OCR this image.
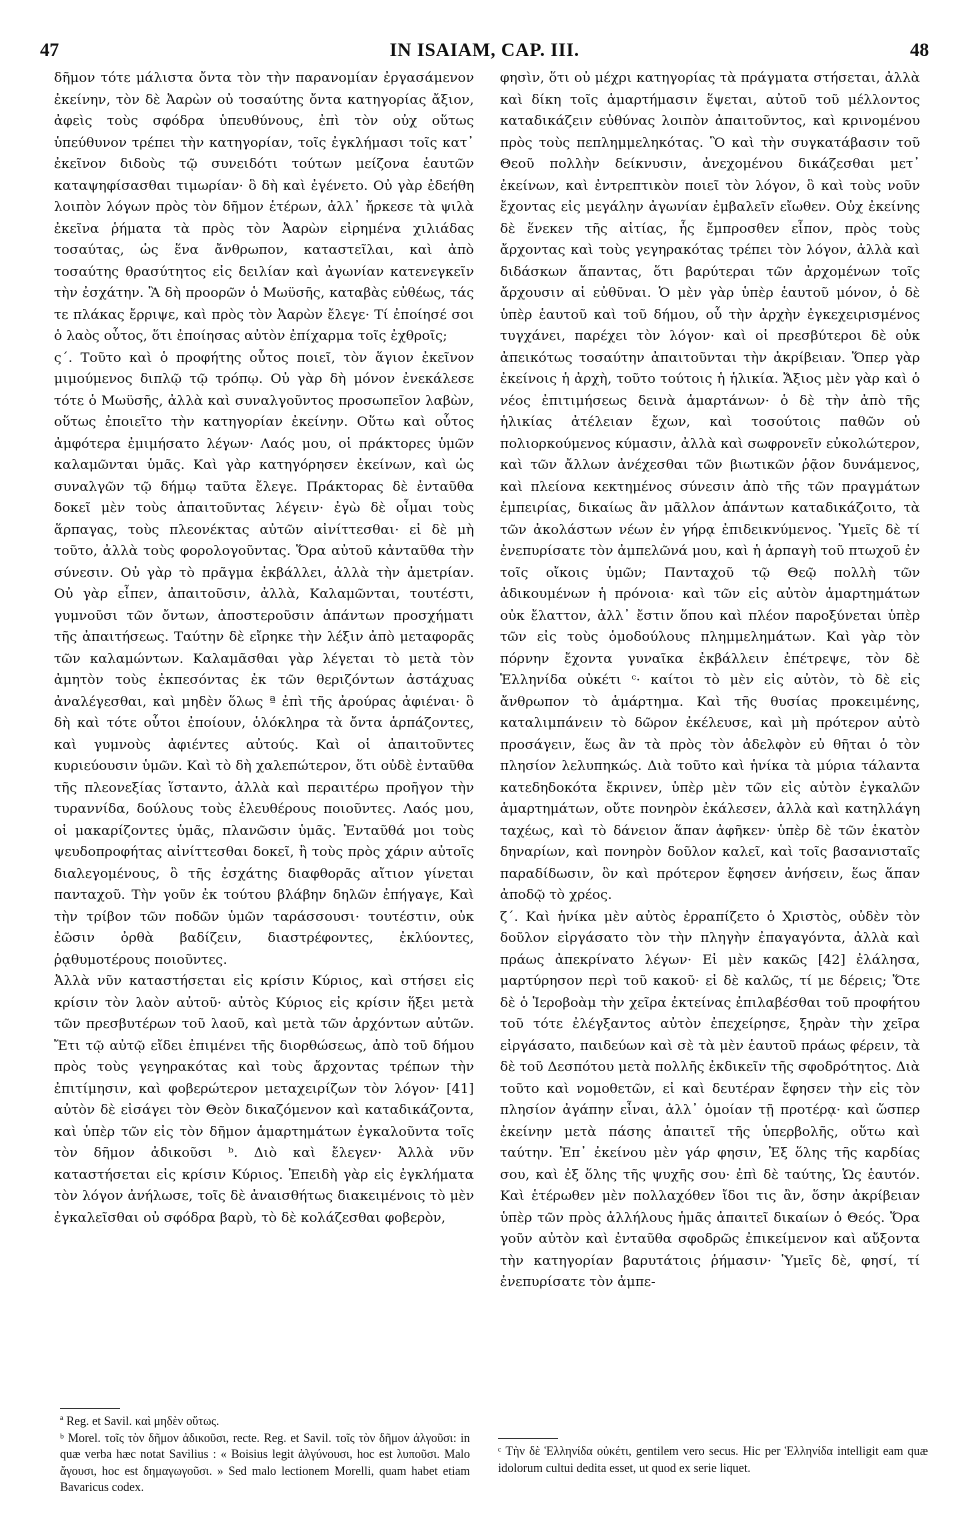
47	IN ISAIAM, CAP. III.	48

δῆμον τότε μάλιστα ὄντα τὸν τὴν παρανομίαν ἐργασάμενον ἐκείνην, τὸν δὲ Ἀαρὼν οὐ τοσαύτης ὄντα κατηγορίας ἄξιον, ἀφεὶς τοὺς σφόδρα ὑπευθύνους, ἐπὶ τὸν οὐχ οὕτως ὑπεύθυνον τρέπει τὴν κατηγορίαν, τοῖς ἐγκλήμασι τοῖς κατ᾽ ἐκεῖνον διδοὺς τῷ συνειδότι τούτων μείζονα ἑαυτῶν καταψηφίσασθαι τιμωρίαν· ὃ δὴ καὶ ἐγένετο. Οὐ γὰρ ἐδεήθη λοιπὸν λόγων πρὸς τὸν δῆμον ἑτέρων, ἀλλ᾽ ἤρκεσε τὰ ψιλὰ ἐκεῖνα ῥήματα τὰ πρὸς τὸν Ἀαρὼν εἰρημένα χιλιάδας τοσαύτας, ὡς ἕνα ἄνθρωπον, καταστεῖλαι, καὶ ἀπὸ τοσαύτης θρασύτητος εἰς δειλίαν καὶ ἀγωνίαν κατενεγκεῖν τὴν ἐσχάτην. Ἃ δὴ προορῶν ὁ Μωϋσῆς, καταβὰς εὐθέως, τάς τε πλάκας ἔρριψε, καὶ πρὸς τὸν Ἀαρὼν ἔλεγε· Τί ἐποίησέ σοι ὁ λαὸς οὗτος, ὅτι ἐποίησας αὐτὸν ἐπίχαρμα τοῖς ἐχθροῖς;

ς΄. Τοῦτο καὶ ὁ προφήτης οὗτος ποιεῖ, τὸν ἅγιον ἐκεῖνον μιμούμενος διπλῷ τῷ τρόπῳ. Οὐ γὰρ δὴ μόνον ἐνεκάλεσε τότε ὁ Μωϋσῆς, ἀλλὰ καὶ συναλγοῦντος προσωπεῖον λαβὼν, οὕτως ἐποιεῖτο τὴν κατηγορίαν ἐκείνην. Οὕτω καὶ οὗτος ἀμφότερα ἐμιμήσατο λέγων· Λαός μου, οἱ πράκτορες ὑμῶν καλαμῶνται ὑμᾶς. Καὶ γὰρ κατηγόρησεν ἐκείνων, καὶ ὡς συναλγῶν τῷ δήμῳ ταῦτα ἔλεγε. Πράκτορας δὲ ἐνταῦθα δοκεῖ μὲν τοὺς ἀπαιτοῦντας λέγειν· ἐγὼ δὲ οἶμαι τοὺς ἅρπαγας, τοὺς πλεονέκτας αὐτῶν αἰνίττεσθαι· εἰ δὲ μὴ τοῦτο, ἀλλὰ τοὺς φορολογοῦντας. Ὅρα αὐτοῦ κἀνταῦθα τὴν σύνεσιν. Οὐ γὰρ τὸ πρᾶγμα ἐκβάλλει, ἀλλὰ τὴν ἀμετρίαν. Οὐ γὰρ εἶπεν, ἀπαιτοῦσιν, ἀλλὰ, Καλαμῶνται, τουτέστι, γυμνοῦσι τῶν ὄντων, ἀποστεροῦσιν ἁπάντων προσχήματι τῆς ἀπαιτήσεως. Ταύτην δὲ εἴρηκε τὴν λέξιν ἀπὸ μεταφορᾶς τῶν καλαμώντων. Καλαμᾶσθαι γὰρ λέγεται τὸ μετὰ τὸν ἀμητὸν τοὺς ἐκπεσόντας ἐκ τῶν θεριζόντων ἀστάχυας ἀναλέγεσθαι, καὶ μηδὲν ὅλως ª ἐπὶ τῆς ἀρούρας ἀφιέναι· ὃ δὴ καὶ τότε οὗτοι ἐποίουν, ὁλόκληρα τὰ ὄντα ἁρπάζοντες, καὶ γυμνοὺς ἀφιέντες αὐτούς. Καὶ οἱ ἀπαιτοῦντες κυριεύουσιν ὑμῶν. Καὶ τὸ δὴ χαλεπώτερον, ὅτι οὐδὲ ἐνταῦθα τῆς πλεονεξίας ἵσταντο, ἀλλὰ καὶ περαιτέρω προῆγον τὴν τυραννίδα, δούλους τοὺς ἐλευθέρους ποιοῦντες. Λαός μου, οἱ μακαρίζοντες ὑμᾶς, πλανῶσιν ὑμᾶς. Ἐνταῦθά μοι τοὺς ψευδοπροφήτας αἰνίττεσθαι δοκεῖ, ἢ τοὺς πρὸς χάριν αὐτοῖς διαλεγομένους, ὃ τῆς ἐσχάτης διαφθορᾶς αἴτιον γίνεται πανταχοῦ. Τὴν γοῦν ἐκ τούτου βλάβην δηλῶν ἐπήγαγε, Καὶ τὴν τρίβον τῶν ποδῶν ὑμῶν ταράσσουσι· τουτέστιν, οὐκ ἐῶσιν ὀρθὰ βαδίζειν, διαστρέφοντες, ἐκλύοντες, ῥᾳθυμοτέρους ποιοῦντες.

Ἀλλὰ νῦν καταστήσεται εἰς κρίσιν Κύριος, καὶ στήσει εἰς κρίσιν τὸν λαὸν αὐτοῦ· αὐτὸς Κύριος εἰς κρίσιν ἥξει μετὰ τῶν πρεσβυτέρων τοῦ λαοῦ, καὶ μετὰ τῶν ἀρχόντων αὐτῶν. Ἔτι τῷ αὐτῷ εἴδει ἐπιμένει τῆς διορθώσεως, ἀπὸ τοῦ δήμου πρὸς τοὺς γεγηρακότας καὶ τοὺς ἄρχοντας τρέπων τὴν ἐπιτίμησιν, καὶ φοβερώτερον μεταχειρίζων τὸν λόγον· [41] αὐτὸν δὲ εἰσάγει τὸν Θεὸν δικαζόμενον καὶ καταδικάζοντα, καὶ ὑπὲρ τῶν εἰς τὸν δῆμον ἁμαρτημάτων ἐγκαλοῦντα τοῖς τὸν δῆμον ἀδικοῦσι ᵇ. Διὸ καὶ ἔλεγεν· Ἀλλὰ νῦν καταστήσεται εἰς κρίσιν Κύριος. Ἐπειδὴ γὰρ εἰς ἐγκλήματα τὸν λόγον ἀνήλωσε, τοῖς δὲ ἀναισθήτως διακειμένοις τὸ μὲν ἐγκαλεῖσθαι οὐ σφόδρα βαρὺ, τὸ δὲ κολάζεσθαι φοβερὸν,

φησὶν, ὅτι οὐ μέχρι κατηγορίας τὰ πράγματα στήσεται, ἀλλὰ καὶ δίκη τοῖς ἁμαρτήμασιν ἕψεται, αὐτοῦ τοῦ μέλλοντος καταδικάζειν εὐθύνας λοιπὸν ἀπαιτοῦντος, καὶ κρινομένου πρὸς τοὺς πεπλημμεληκότας. Ὃ καὶ τὴν συγκατάβασιν τοῦ Θεοῦ πολλὴν δείκνυσιν, ἀνεχομένου δικάζεσθαι μετ᾽ ἐκείνων, καὶ ἐντρεπτικὸν ποιεῖ τὸν λόγον, ὃ καὶ τοὺς νοῦν ἔχοντας εἰς μεγάλην ἀγωνίαν ἐμβαλεῖν εἴωθεν. Οὐχ ἐκείνης δὲ ἕνεκεν τῆς αἰτίας, ἧς ἔμπροσθεν εἶπον, πρὸς τοὺς ἄρχοντας καὶ τοὺς γεγηρακότας τρέπει τὸν λόγον, ἀλλὰ καὶ διδάσκων ἅπαντας, ὅτι βαρύτεραι τῶν ἀρχομένων τοῖς ἄρχουσιν αἱ εὐθῦναι. Ὁ μὲν γὰρ ὑπὲρ ἑαυτοῦ μόνον, ὁ δὲ ὑπὲρ ἑαυτοῦ καὶ τοῦ δήμου, οὗ τὴν ἀρχὴν ἐγκεχειρισμένος τυγχάνει, παρέχει τὸν λόγον· καὶ οἱ πρεσβύτεροι δὲ οὐκ ἀπεικότως τοσαύτην ἀπαιτοῦνται τὴν ἀκρίβειαν. Ὅπερ γὰρ ἐκείνοις ἡ ἀρχὴ, τοῦτο τούτοις ἡ ἡλικία. Ἄξιος μὲν γὰρ καὶ ὁ νέος ἐπιτιμήσεως δεινὰ ἁμαρτάνων· ὁ δὲ τὴν ἀπὸ τῆς ἡλικίας ἀτέλειαν ἔχων, καὶ τοσούτοις παθῶν οὐ πολιορκούμενος κύμασιν, ἀλλὰ καὶ σωφρονεῖν εὐκολώτερον, καὶ τῶν ἄλλων ἀνέχεσθαι τῶν βιωτικῶν ῥᾷον δυνάμενος, καὶ πλείονα κεκτημένος σύνεσιν ἀπὸ τῆς τῶν πραγμάτων ἐμπειρίας, δικαίως ἂν μᾶλλον ἁπάντων καταδικάζοιτο, τὰ τῶν ἀκολάστων νέων ἐν γήρᾳ ἐπιδεικνύμενος. Ὑμεῖς δὲ τί ἐνεπυρίσατε τὸν ἀμπελῶνά μου, καὶ ἡ ἁρπαγὴ τοῦ πτωχοῦ ἐν τοῖς οἴκοις ὑμῶν; Πανταχοῦ τῷ Θεῷ πολλὴ τῶν ἀδικουμένων ἡ πρόνοια· καὶ τῶν εἰς αὐτὸν ἁμαρτημάτων οὐκ ἔλαττον, ἀλλ᾽ ἔστιν ὅπου καὶ πλέον παροξύνεται ὑπὲρ τῶν εἰς τοὺς ὁμοδούλους πλημμελημάτων. Καὶ γὰρ τὸν πόρνην ἔχοντα γυναῖκα ἐκβάλλειν ἐπέτρεψε, τὸν δὲ Ἑλληνίδα οὐκέτι ᶜ· καίτοι τὸ μὲν εἰς αὐτὸν, τὸ δὲ εἰς ἄνθρωπον τὸ ἁμάρτημα. Καὶ τῆς θυσίας προκειμένης, καταλιμπάνειν τὸ δῶρον ἐκέλευσε, καὶ μὴ πρότερον αὐτὸ προσάγειν, ἕως ἂν τὰ πρὸς τὸν ἀδελφὸν εὐ θῆται ὁ τὸν πλησίον λελυπηκώς. Διὰ τοῦτο καὶ ἡνίκα τὰ μύρια τάλαντα κατεδηδοκότα ἔκρινεν, ὑπὲρ μὲν τῶν εἰς αὐτὸν ἐγκαλῶν ἁμαρτημάτων, οὔτε πονηρὸν ἐκάλεσεν, ἀλλὰ καὶ κατηλλάγη ταχέως, καὶ τὸ δάνειον ἅπαν ἀφῆκεν· ὑπὲρ δὲ τῶν ἑκατὸν δηναρίων, καὶ πονηρὸν δοῦλον καλεῖ, καὶ τοῖς βασανισταῖς παραδίδωσιν, ὃν καὶ πρότερον ἔφησεν ἀνήσειν, ἕως ἅπαν ἀποδῷ τὸ χρέος.

ζ΄. Καὶ ἡνίκα μὲν αὐτὸς ἐρραπίζετο ὁ Χριστὸς, οὐδὲν τὸν δοῦλον εἰργάσατο τὸν τὴν πληγὴν ἐπαγαγόντα, ἀλλὰ καὶ πράως ἀπεκρίνατο λέγων· Εἰ μὲν κακῶς [42] ἐλάλησα, μαρτύρησον περὶ τοῦ κακοῦ· εἰ δὲ καλῶς, τί με δέρεις; Ὅτε δὲ ὁ Ἱεροβοὰμ τὴν χεῖρα ἐκτείνας ἐπιλαβέσθαι τοῦ προφήτου τοῦ τότε ἐλέγξαντος αὐτὸν ἐπεχείρησε, ξηρὰν τὴν χεῖρα εἰργάσατο, παιδεύων καὶ σὲ τὰ μὲν ἑαυτοῦ πράως φέρειν, τὰ δὲ τοῦ Δεσπότου μετὰ πολλῆς ἐκδικεῖν τῆς σφοδρότητος. Διὰ τοῦτο καὶ νομοθετῶν, εἰ καὶ δευτέραν ἔφησεν τὴν εἰς τὸν πλησίον ἀγάπην εἶναι, ἀλλ᾽ ὁμοίαν τῇ προτέρᾳ· καὶ ὥσπερ ἐκείνην μετὰ πάσης ἀπαιτεῖ τῆς ὑπερβολῆς, οὕτω καὶ ταύτην. Ἐπ᾽ ἐκείνου μὲν γάρ φησιν, Ἐξ ὅλης τῆς καρδίας σου, καὶ ἐξ ὅλης τῆς ψυχῆς σου· ἐπὶ δὲ ταύτης, Ὡς ἑαυτόν. Καὶ ἑτέρωθεν μὲν πολλαχόθεν ἴδοι τις ἂν, ὅσην ἀκρίβειαν ὑπὲρ τῶν πρὸς ἀλλήλους ἡμᾶς ἀπαιτεῖ δικαίων ὁ Θεός. Ὅρα γοῦν αὐτὸν καὶ ἐνταῦθα σφοδρῶς ἐπικείμενον καὶ αὔξοντα τὴν κατηγορίαν βαρυτάτοις ῥήμασιν· Ὑμεῖς δὲ, φησί, τί ἐνεπυρίσατε τὸν ἀμπε-

ª Reg. et Savil. καὶ μηδὲν οὕτως.

ᵇ Morel. τοῖς τὸν δῆμον ἀδικοῦσι, recte. Reg. et Savil. τοῖς τὸν δῆμον ἀλγοῦσι: in quæ verba hæc notat Savilius : « Boisius legit ἀλγύνουσι, hoc est λυποῦσι. Malo ἄγουσι, hoc est δημαγωγοῦσι. » Sed malo lectionem Morelli, quam habet etiam Bavaricus codex.

ᶜ Τὴν δὲ Ἑλληνίδα οὐκέτι, gentilem vero secus. Hic per Ἑλληνίδα intelligit eam quæ idolorum cultui dedita esset, ut quod ex serie liquet.
